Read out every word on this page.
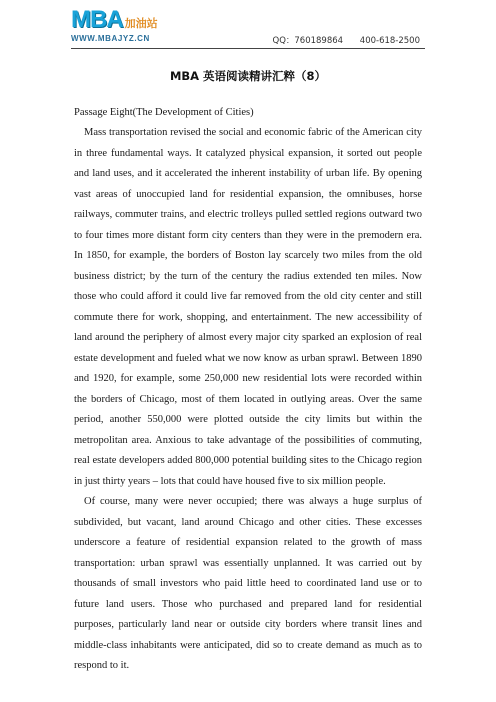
MBA 加油站
WWW.MBAJYZ.CN	QQ：760189864 400-618-2500
MBA 英语阅读精讲汇粹（8）

Passage Eight(The Development of Cities)

Mass transportation revised the social and economic fabric of the American city in three fundamental ways. It catalyzed physical expansion, it sorted out people and land uses, and it accelerated the inherent instability of urban life. By opening vast areas of unoccupied land for residential expansion, the omnibuses, horse railways, commuter trains, and electric trolleys pulled settled regions outward two to four times more distant form city centers than they were in the premodern era. In 1850, for example, the borders of Boston lay scarcely two miles from the old business district; by the turn of the century the radius extended ten miles. Now those who could afford it could live far removed from the old city center and still commute there for work, shopping, and entertainment. The new accessibility of land around the periphery of almost every major city sparked an explosion of real estate development and fueled what we now know as urban sprawl. Between 1890 and 1920, for example, some 250,000 new residential lots were recorded within the borders of Chicago, most of them located in outlying areas. Over the same period, another 550,000 were plotted outside the city limits but within the metropolitan area. Anxious to take advantage of the possibilities of commuting, real estate developers added 800,000 potential building sites to the Chicago region in just thirty years – lots that could have housed five to six million people.

Of course, many were never occupied; there was always a huge surplus of subdivided, but vacant, land around Chicago and other cities. These excesses underscore a feature of residential expansion related to the growth of mass transportation: urban sprawl was essentially unplanned. It was carried out by thousands of small investors who paid little heed to coordinated land use or to future land users. Those who purchased and prepared land for residential purposes, particularly land near or outside city borders where transit lines and middle-class inhabitants were anticipated, did so to create demand as much as to respond to it.
